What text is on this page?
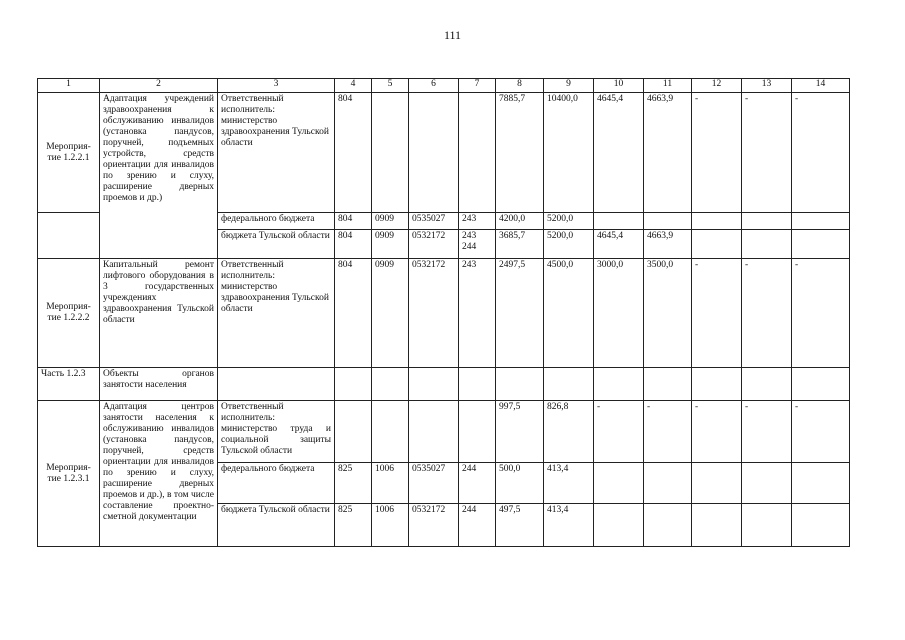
111
1	2	3	4	5	6	7	8	9	10	11	12	13	14
Мероприя-тие 1.2.2.1	Адаптация учреждений здравоохранения к обслуживанию инвалидов (установка пандусов, поручней, подъемных устройств, средств ориентации для инвалидов по зрению и слуху, расширение дверных проемов и др.)	Ответственный исполнитель: министерство здравоохранения Тульской области	804				7885,7	10400,0	4645,4	4663,9	-	-	-
		федерального бюджета	804	0909	0535027	243	4200,0	5200,0					
		бюджета Тульской области	804	0909	0532172	243 244	3685,7	5200,0	4645,4	4663,9			
Мероприя-тие 1.2.2.2	Капитальный ремонт лифтового оборудования в 3 государственных учреждениях здравоохранения Тульской области	Ответственный исполнитель: министерство здравоохранения Тульской области	804	0909	0532172	243	2497,5	4500,0	3000,0	3500,0	-	-	-
Часть 1.2.3	Объекты органов занятости населения												
Мероприя-тие 1.2.3.1	Адаптация центров занятости населения к обслуживанию инвалидов (установка пандусов, поручней, средств ориентации для инвалидов по зрению и слуху, расширение дверных проемов и др.), в том числе составление проектно-сметной документации	Ответственный исполнитель: министерство труда и социальной защиты Тульской области					997,5	826,8	-	-	-	-	-
		федерального бюджета	825	1006	0535027	244	500,0	413,4					
		бюджета Тульской области	825	1006	0532172	244	497,5	413,4					
